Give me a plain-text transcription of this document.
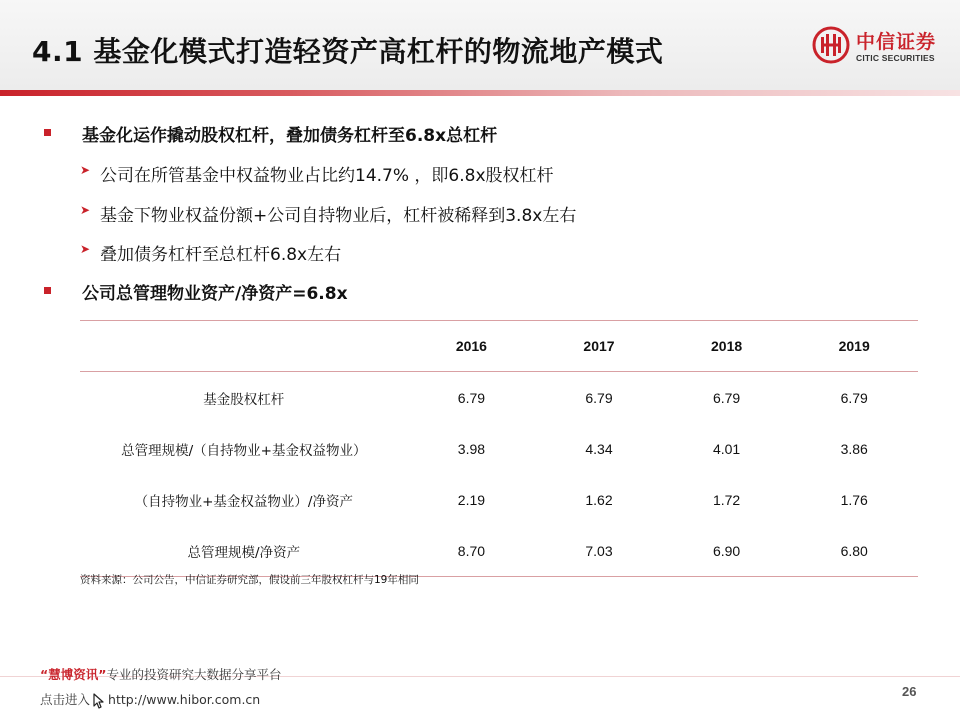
4.1 基金化模式打造轻资产高杠杆的物流地产模式	中信证券
CITIC SECURITIES
基金化运作撬动股权杠杆，叠加债务杠杆至6.8x总杠杆
➤ 公司在所管基金中权益物业占比约14.7% ，即6.8x股权杠杆
➤ 基金下物业权益份额+公司自持物业后，杠杆被稀释到3.8x左右
➤ 叠加债务杠杆至总杠杆6.8x左右
公司总管理物业资产/净资产=6.8x
	2016	2017	2018	2019
基金股权杠杆	6.79	6.79	6.79	6.79
总管理规模/（自持物业+基金权益物业）	3.98	4.34	4.01	3.86
（自持物业+基金权益物业）/净资产	2.19	1.62	1.72	1.76
总管理规模/净资产	8.70	7.03	6.90	6.80
资料来源：公司公告，中信证券研究部，假设前三年股权杠杆与19年相同
“慧博资讯”专业的投资研究大数据分享平台
点击进入 http://www.hibor.com.cn
26
